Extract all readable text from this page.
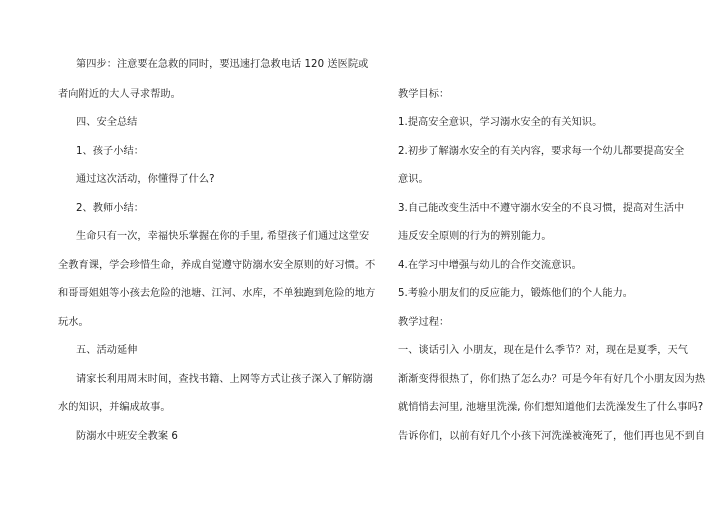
第四步：注意要在急救的同时，要迅速打急救电话 120 送医院或
者向附近的大人寻求帮助。
四、安全总结
1、孩子小结：
通过这次活动，你懂得了什么?
2、教师小结：
生命只有一次，幸福快乐掌握在你的手里, 希望孩子们通过这堂安
全教育课，学会珍惜生命，养成自觉遵守防溺水安全原则的好习惯。不
和哥哥姐姐等小孩去危险的池塘、江河、水库，不单独跑到危险的地方
玩水。
五、活动延伸
请家长利用周末时间，查找书籍、上网等方式让孩子深入了解防溺
水的知识，并编成故事。
防溺水中班安全教案 6
教学目标：
1.提高安全意识，学习溺水安全的有关知识。
2.初步了解溺水安全的有关内容，要求每一个幼儿都要提高安全
意识。
3.自己能改变生活中不遵守溺水安全的不良习惯，提高对生活中
违反安全原则的行为的辨别能力。
4.在学习中增强与幼儿的合作交流意识。
5.考验小朋友们的反应能力，锻炼他们的个人能力。
教学过程：
一、谈话引入 小朋友，现在是什么季节？对，现在是夏季，天气
渐渐变得很热了，你们热了怎么办？可是今年有好几个小朋友因为热
就悄悄去河里, 池塘里洗澡, 你们想知道他们去洗澡发生了什么事吗?
告诉你们，以前有好几个小孩下河洗澡被淹死了，他们再也见不到自
